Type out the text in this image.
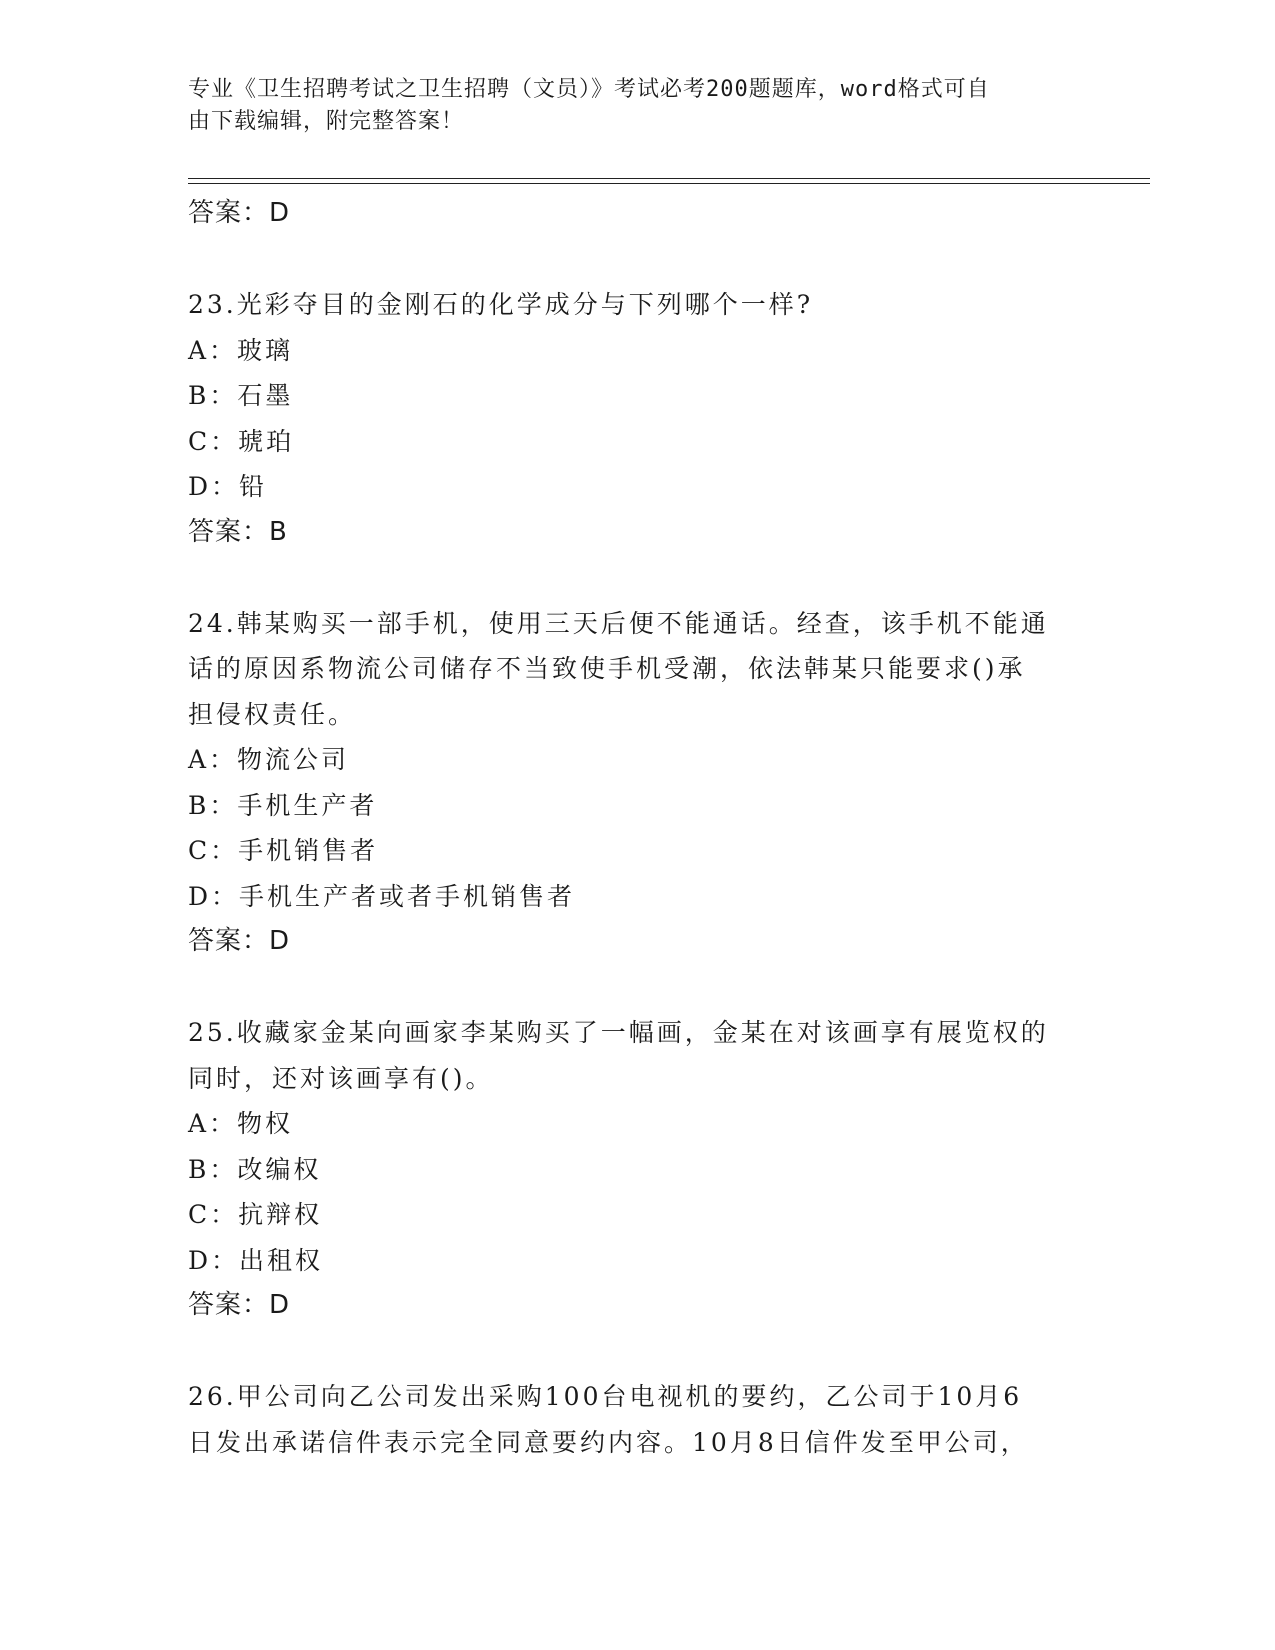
专业《卫生招聘考试之卫生招聘（文员）》考试必考200题题库，word格式可自
由下载编辑，附完整答案！
答案：D
23.光彩夺目的金刚石的化学成分与下列哪个一样?
A：玻璃
B：石墨
C：琥珀
D：铅
答案：B
24.韩某购买一部手机，使用三天后便不能通话。经查，该手机不能通
话的原因系物流公司储存不当致使手机受潮，依法韩某只能要求()承
担侵权责任。
A：物流公司
B：手机生产者
C：手机销售者
D：手机生产者或者手机销售者
答案：D
25.收藏家金某向画家李某购买了一幅画，金某在对该画享有展览权的
同时，还对该画享有()。
A：物权
B：改编权
C：抗辩权
D：出租权
答案：D
26.甲公司向乙公司发出采购100台电视机的要约，乙公司于10月6
日发出承诺信件表示完全同意要约内容。10月8日信件发至甲公司，
